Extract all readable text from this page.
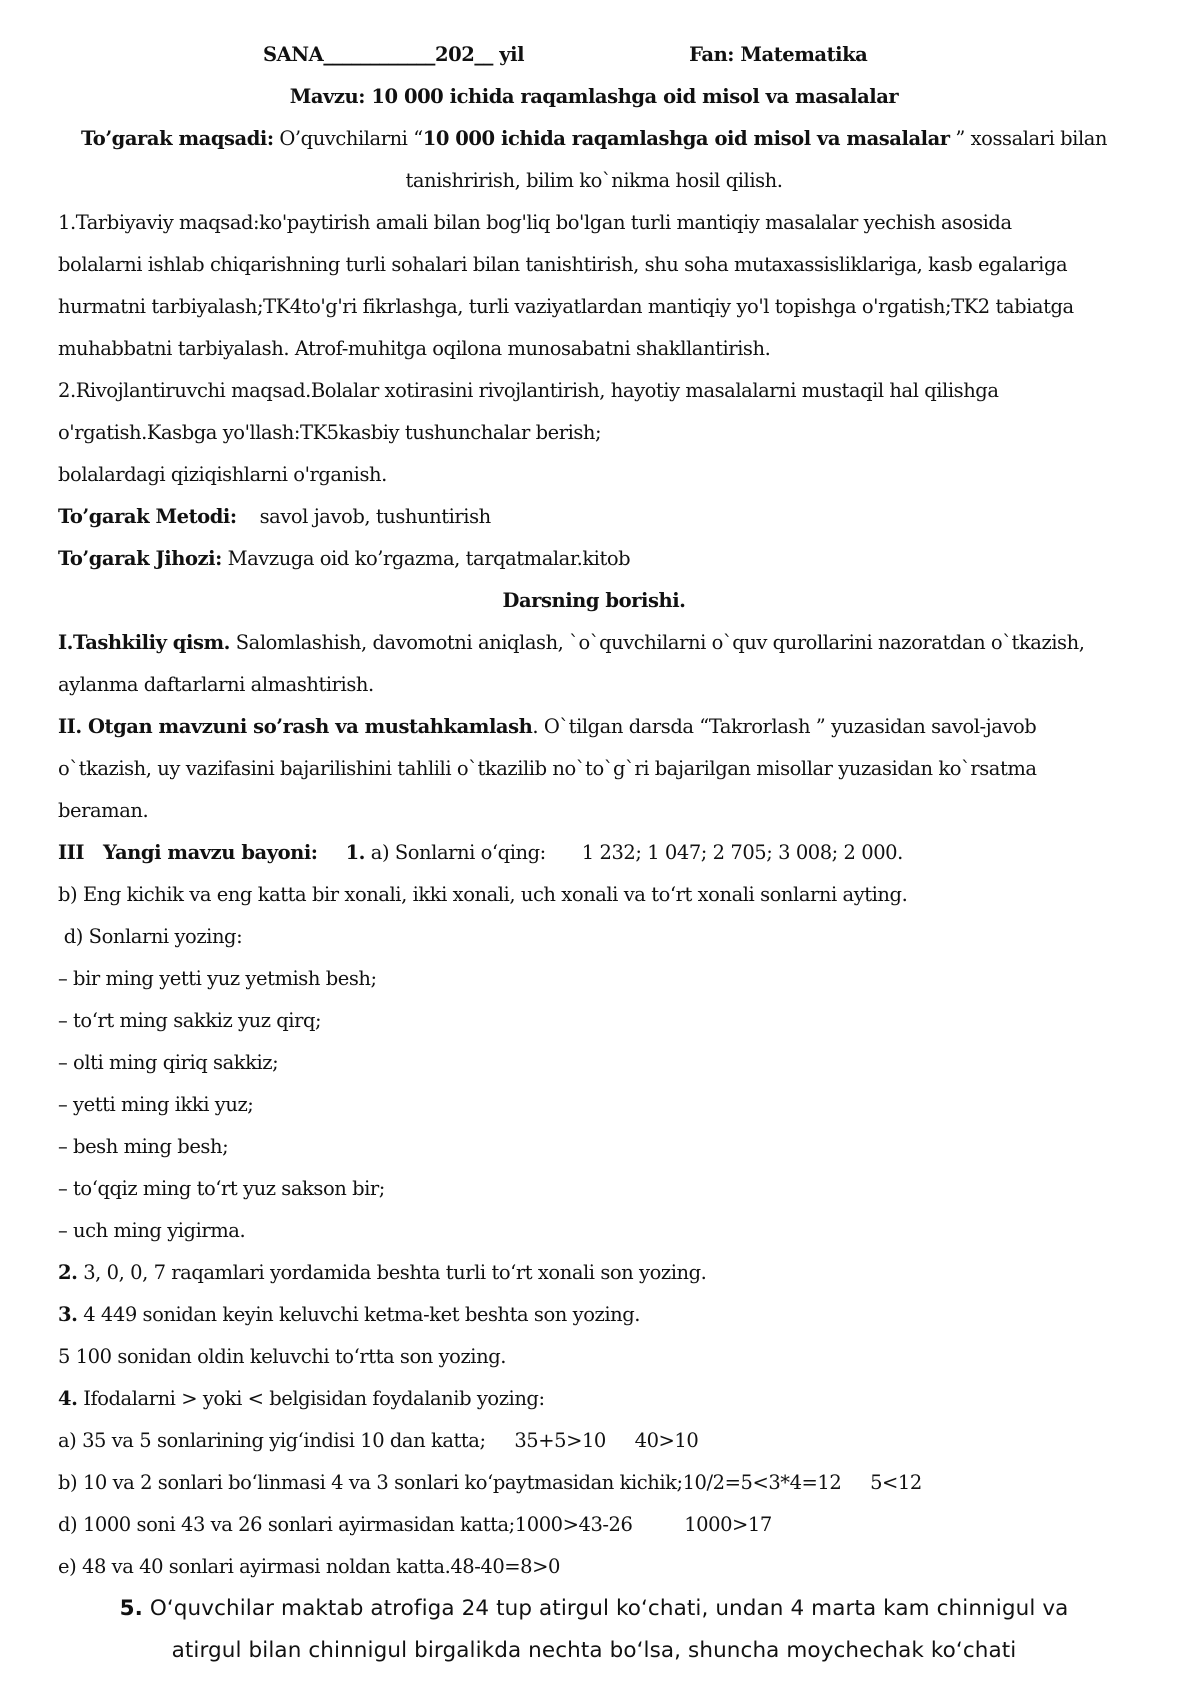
SANA____________202__ yil	Fan: Matematika
Mavzu: 10 000 ichida raqamlashga oid misol va masalalar
To’garak maqsadi: O’quvchilarni “10 000 ichida raqamlashga oid misol va masalalar ” xossalari bilan
tanishrirish, bilim ko`nikma hosil qilish.
1.Tarbiyaviy maqsad:ko'paytirish amali bilan bog'liq bo'lgan turli mantiqiy masalalar yechish asosida
bolalarni ishlab chiqarishning turli sohalari bilan tanishtirish, shu soha mutaxassisliklariga, kasb egalariga
hurmatni tarbiyalash;TK4to'g'ri fikrlashga, turli vaziyatlardan mantiqiy yo'l topishga o'rgatish;TK2 tabiatga
muhabbatni tarbiyalash. Atrof-muhitga oqilona munosabatni shakllantirish.
2.Rivojlantiruvchi maqsad.Bolalar xotirasini rivojlantirish, hayotiy masalalarni mustaqil hal qilishga
o'rgatish.Kasbga yo'llash:TK5kasbiy tushunchalar berish;
bolalardagi qiziqishlarni o'rganish.
To’garak Metodi:    savol javob, tushuntirish
To’garak Jihozi: Mavzuga oid ko’rgazma, tarqatmalar.kitob
Darsning borishi.
I.Tashkiliy qism. Salomlashish, davomotni aniqlash, `o`quvchilarni o`quv qurollarini nazoratdan o`tkazish,
aylanma daftarlarni almashtirish.
II. Otgan mavzuni so’rash va mustahkamlash. O`tilgan darsda “Takrorlash ” yuzasidan savol-javob
o`tkazish, uy vazifasini bajarilishini tahlili o`tkazilib no`to`g`ri bajarilgan misollar yuzasidan ko`rsatma
beraman.
III   Yangi mavzu bayoni: 1. a) Sonlarni o‘qing: 1 232; 1 047; 2 705; 3 008; 2 000.
b) Eng kichik va eng katta bir xonali, ikki xonali, uch xonali va to‘rt xonali sonlarni ayting.
d) Sonlarni yozing:
– bir ming yetti yuz yetmish besh;
– to‘rt ming sakkiz yuz qirq;
– olti ming qiriq sakkiz;
– yetti ming ikki yuz;
– besh ming besh;
– to‘qqiz ming to‘rt yuz sakson bir;
– uch ming yigirma.
2. 3, 0, 0, 7 raqamlari yordamida beshta turli to‘rt xonali son yozing.
3. 4 449 sonidan keyin keluvchi ketma-ket beshta son yozing.
5 100 sonidan oldin keluvchi to‘rtta son yozing.
4. Ifodalarni > yoki < belgisidan foydalanib yozing:
a) 35 va 5 sonlarining yig‘indisi 10 dan katta;     35+5>10     40>10
b) 10 va 2 sonlari bo‘linmasi 4 va 3 sonlari ko‘paytmasidan kichik;10/2=5<3*4=12     5<12
d) 1000 soni 43 va 26 sonlari ayirmasidan katta;1000>43-26         1000>17
e) 48 va 40 sonlari ayirmasi noldan katta.48-40=8>0
5. O‘quvchilar maktab atrofiga 24 tup atirgul ko‘chati, undan 4 marta kam chinnigul va
atirgul bilan chinnigul birgalikda nechta bo‘lsa, shuncha moychechak ko‘chati
